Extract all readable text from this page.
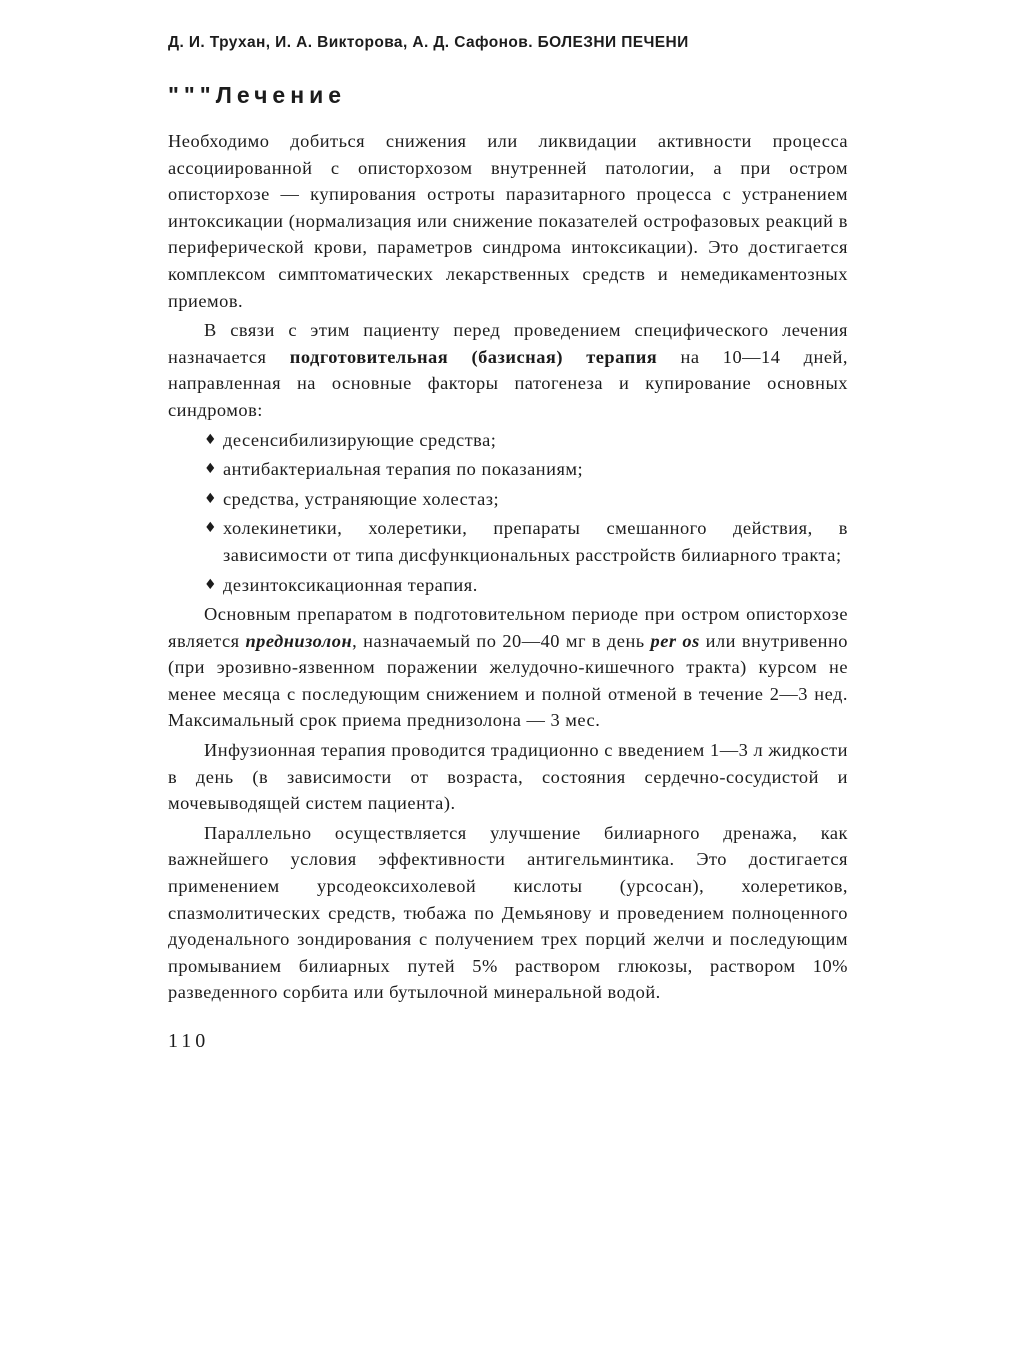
Д. И. Трухан, И. А. Викторова, А. Д. Сафонов. БОЛЕЗНИ ПЕЧЕНИ
"""Лечение

Необходимо добиться снижения или ликвидации активности процесса ассоциированной с описторхозом внутренней патологии, а при остром описторхозе — купирования остроты паразитарного процесса с устранением интоксикации (нормализация или снижение показателей острофазовых реакций в периферической крови, параметров синдрома интоксикации). Это достигается комплексом симптоматических лекарственных средств и немедикаментозных приемов.

В связи с этим пациенту перед проведением специфического лечения назначается подготовительная (базисная) терапия на 10—14 дней, направленная на основные факторы патогенеза и купирование основных синдромов:

♦ десенсибилизирующие средства;
♦ антибактериальная терапия по показаниям;
♦ средства, устраняющие холестаз;
♦ холекинетики, холеретики, препараты смешанного действия, в зависимости от типа дисфункциональных расстройств билиарного тракта;
♦ дезинтоксикационная терапия.

Основным препаратом в подготовительном периоде при остром описторхозе является преднизолон, назначаемый по 20—40 мг в день per os или внутривенно (при эрозивно-язвенном поражении желудочно-кишечного тракта) курсом не менее месяца с последующим снижением и полной отменой в течение 2—3 нед. Максимальный срок приема преднизолона — 3 мес.

Инфузионная терапия проводится традиционно с введением 1—3 л жидкости в день (в зависимости от возраста, состояния сердечно-сосудистой и мочевыводящей систем пациента).

Параллельно осуществляется улучшение билиарного дренажа, как важнейшего условия эффективности антигельминтика. Это достигается применением урсодеоксихолевой кислоты (урсосан), холеретиков, спазмолитических средств, тюбажа по Демьянову и проведением полноценного дуоденального зондирования с получением трех порций желчи и последующим промыванием билиарных путей 5% раствором глюкозы, раствором 10% разведенного сорбита или бутылочной минеральной водой.

110
